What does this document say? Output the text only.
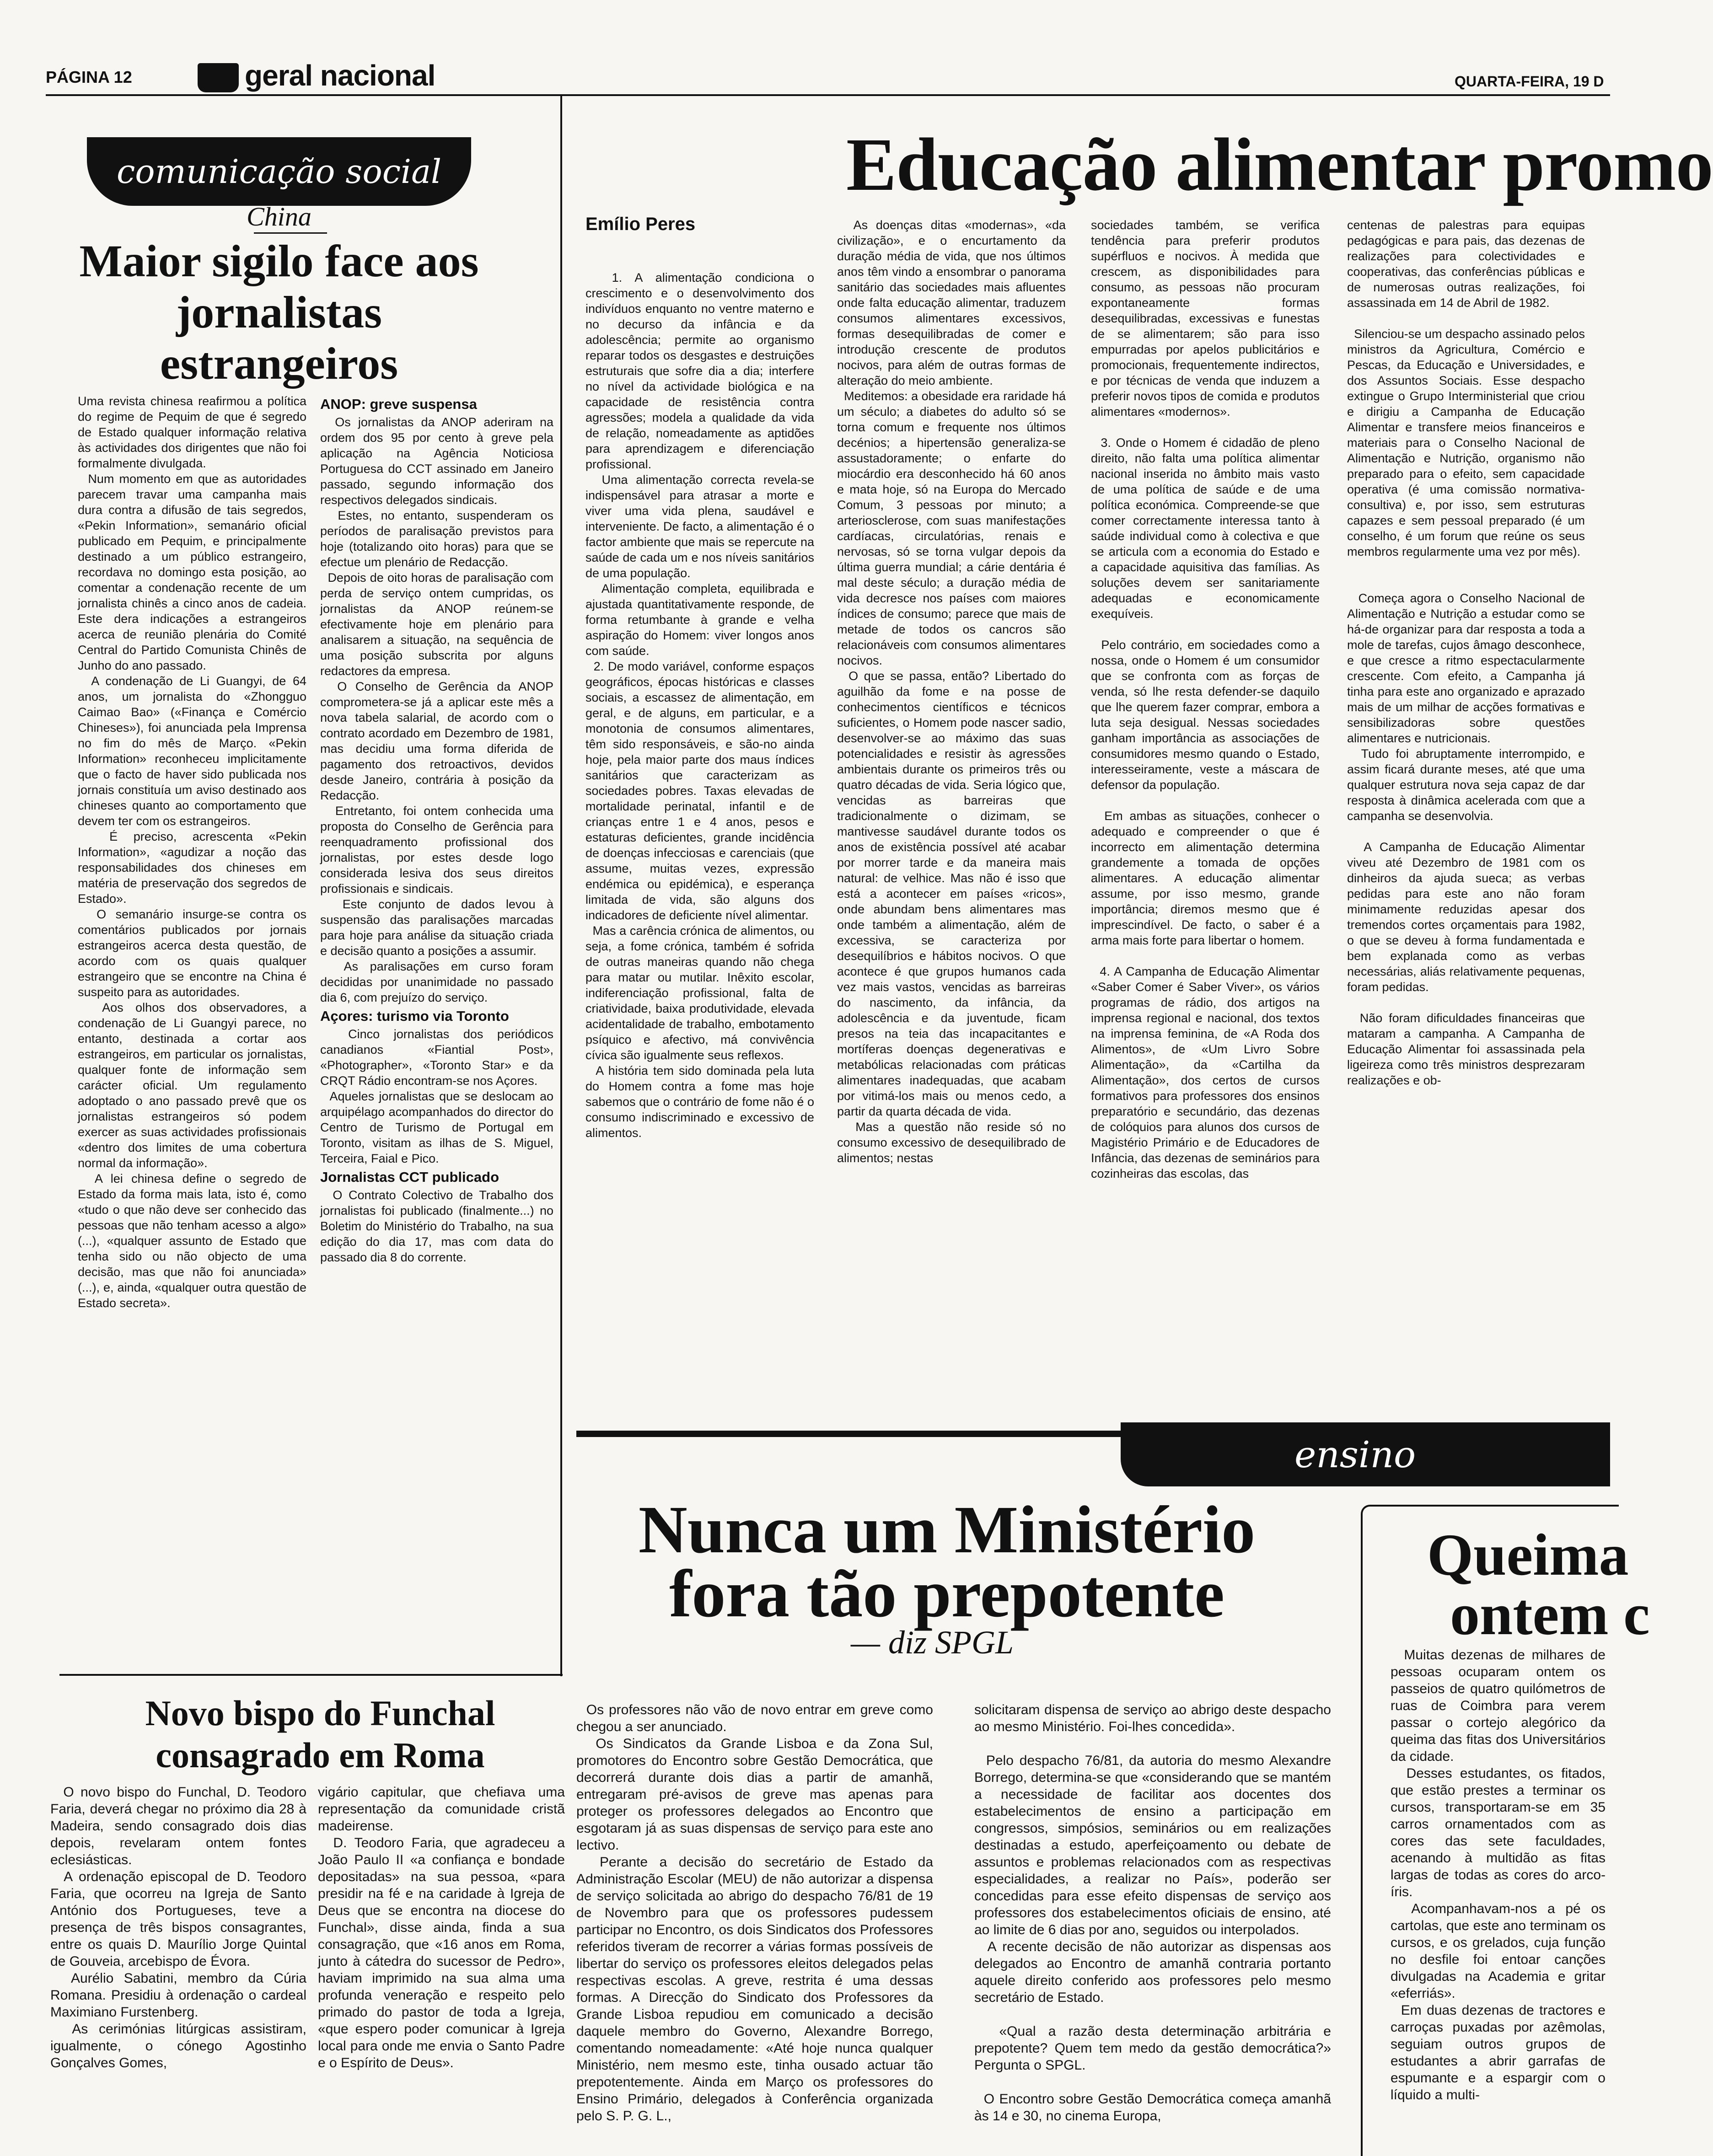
PÁGINA 12	geral nacional	QUARTA-FEIRA, 19 D
comunicação social
China
Maior sigilo face aos jornalistas estrangeiros

Uma revista chinesa reafirmou a política do regime de Pequim de que é segredo de Estado qualquer informação relativa às actividades dos dirigentes que não foi formalmente divulgada.
Num momento em que as autoridades parecem travar uma campanha mais dura contra a difusão de tais segredos, «Pekin Information», semanário oficial publicado em Pequim, e principalmente destinado a um público estrangeiro, recordava no domingo esta posição, ao comentar a condenação recente de um jornalista chinês a cinco anos de cadeia. Este dera indicações a estrangeiros acerca de reunião plenária do Comité Central do Partido Comunista Chinês de Junho do ano passado.
A condenação de Li Guangyi, de 64 anos, um jornalista do «Zhongguo Caimao Bao» («Finança e Comércio Chineses»), foi anunciada pela Imprensa no fim do mês de Março. «Pekin Information» reconheceu implicitamente que o facto de haver sido publicada nos jornais constituía um aviso destinado aos chineses quanto ao comportamento que devem ter com os estrangeiros.
É preciso, acrescenta «Pekin Information», «agudizar a noção das responsabilidades dos chineses em matéria de preservação dos segredos de Estado».
O semanário insurge-se contra os comentários publicados por jornais estrangeiros acerca desta questão, de acordo com os quais qualquer estrangeiro que se encontre na China é suspeito para as autoridades.
Aos olhos dos observadores, a condenação de Li Guangyi parece, no entanto, destinada a cortar aos estrangeiros, em particular os jornalistas, qualquer fonte de informação sem carácter oficial. Um regulamento adoptado o ano passado prevê que os jornalistas estrangeiros só podem exercer as suas actividades profissionais «dentro dos limites de uma cobertura normal da informação».
A lei chinesa define o segredo de Estado da forma mais lata, isto é, como «tudo o que não deve ser conhecido das pessoas que não tenham acesso a algo» (...), «qualquer assunto de Estado que tenha sido ou não objecto de uma decisão, mas que não foi anunciada» (...), e, ainda, «qualquer outra questão de Estado secreta».

ANOP: greve suspensa

Os jornalistas da ANOP aderiram na ordem dos 95 por cento à greve pela aplicação na Agência Noticiosa Portuguesa do CCT assinado em Janeiro passado, segundo informação dos respectivos delegados sindicais.
Estes, no entanto, suspenderam os períodos de paralisação previstos para hoje (totalizando oito horas) para que se efectue um plenário de Redacção.
Depois de oito horas de paralisação com perda de serviço ontem cumpridas, os jornalistas da ANOP reúnem-se efectivamente hoje em plenário para analisarem a situação, na sequência de uma posição subscrita por alguns redactores da empresa.
O Conselho de Gerência da ANOP comprometera-se já a aplicar este mês a nova tabela salarial, de acordo com o contrato acordado em Dezembro de 1981, mas decidiu uma forma diferida de pagamento dos retroactivos, devidos desde Janeiro, contrária à posição da Redacção.
Entretanto, foi ontem conhecida uma proposta do Conselho de Gerência para reenquadramento profissional dos jornalistas, por estes desde logo considerada lesiva dos seus direitos profissionais e sindicais.
Este conjunto de dados levou à suspensão das paralisações marcadas para hoje para análise da situação criada e decisão quanto a posições a assumir.
As paralisações em curso foram decididas por unanimidade no passado dia 6, com prejuízo do serviço.

Açores: turismo via Toronto

Cinco jornalistas dos periódicos canadianos «Fiantial Post», «Photographer», «Toronto Star» e da CRQT Rádio encontram-se nos Açores.
Aqueles jornalistas que se deslocam ao arquipélago acompanhados do director do Centro de Turismo de Portugal em Toronto, visitam as ilhas de S. Miguel, Terceira, Faial e Pico.

Jornalistas CCT publicado

O Contrato Colectivo de Trabalho dos jornalistas foi publicado (finalmente...) no Boletim do Ministério do Trabalho, na sua edição do dia 17, mas com data do passado dia 8 do corrente.

Novo bispo do Funchal consagrado em Roma

O novo bispo do Funchal, D. Teodoro Faria, deverá chegar no próximo dia 28 à Madeira, sendo consagrado dois dias depois, revelaram ontem fontes eclesiásticas.
A ordenação episcopal de D. Teodoro Faria, que ocorreu na Igreja de Santo António dos Portugueses, teve a presença de três bispos consagrantes, entre os quais D. Maurílio Jorge Quintal de Gouveia, arcebispo de Évora.
Aurélio Sabatini, membro da Cúria Romana. Presidiu à ordenação o cardeal Maximiano Furstenberg.
As cerimónias litúrgicas assistiram, igualmente, o cónego Agostinho Gonçalves Gomes,

vigário capitular, que chefiava uma representação da comunidade cristã madeirense.
D. Teodoro Faria, que agradeceu a João Paulo II «a confiança e bondade depositadas» na sua pessoa, «para presidir na fé e na caridade à Igreja de Deus que se encontra na diocese do Funchal», disse ainda, finda a sua consagração, que «16 anos em Roma, junto à cátedra do sucessor de Pedro», haviam imprimido na sua alma uma profunda veneração e respeito pelo primado do pastor de toda a Igreja, «que espero poder comunicar à Igreja local para onde me envia o Santo Padre e o Espírito de Deus».

Educação alimentar promo
Emílio Peres

1. A alimentação condiciona o crescimento e o desenvolvimento dos indivíduos enquanto no ventre materno e no decurso da infância e da adolescência; permite ao organismo reparar todos os desgastes e destruições estruturais que sofre dia a dia; interfere no nível da actividade biológica e na capacidade de resistência contra agressões; modela a qualidade da vida de relação, nomeadamente as aptidões para aprendizagem e diferenciação profissional.
Uma alimentação correcta revela-se indispensável para atrasar a morte e viver uma vida plena, saudável e interveniente. De facto, a alimentação é o factor ambiente que mais se repercute na saúde de cada um e nos níveis sanitários de uma população.
Alimentação completa, equilibrada e ajustada quantitativamente responde, de forma retumbante à grande e velha aspiração do Homem: viver longos anos com saúde.
2. De modo variável, conforme espaços geográficos, épocas históricas e classes sociais, a escassez de alimentação, em geral, e de alguns, em particular, e a monotonia de consumos alimentares, têm sido responsáveis, e são-no ainda hoje, pela maior parte dos maus índices sanitários que caracterizam as sociedades pobres. Taxas elevadas de mortalidade perinatal, infantil e de crianças entre 1 e 4 anos, pesos e estaturas deficientes, grande incidência de doenças infecciosas e carenciais (que assume, muitas vezes, expressão endémica ou epidémica), e esperança limitada de vida, são alguns dos indicadores de deficiente nível alimentar.
Mas a carência crónica de alimentos, ou seja, a fome crónica, também é sofrida de outras maneiras quando não chega para matar ou mutilar. Inêxito escolar, indiferenciação profissional, falta de criatividade, baixa produtividade, elevada acidentalidade de trabalho, embotamento psíquico e afectivo, má convivência cívica são igualmente seus reflexos.
A história tem sido dominada pela luta do Homem contra a fome mas hoje sabemos que o contrário de fome não é o consumo indiscriminado e excessivo de alimentos.

As doenças ditas «modernas», «da civilização», e o encurtamento da duração média de vida, que nos últimos anos têm vindo a ensombrar o panorama sanitário das sociedades mais afluentes onde falta educação alimentar, traduzem consumos alimentares excessivos, formas desequilibradas de comer e introdução crescente de produtos nocivos, para além de outras formas de alteração do meio ambiente.
Meditemos: a obesidade era raridade há um século; a diabetes do adulto só se torna comum e frequente nos últimos decénios; a hipertensão generaliza-se assustadoramente; o enfarte do miocárdio era desconhecido há 60 anos e mata hoje, só na Europa do Mercado Comum, 3 pessoas por minuto; a arteriosclerose, com suas manifestações cardíacas, circulatórias, renais e nervosas, só se torna vulgar depois da última guerra mundial; a cárie dentária é mal deste século; a duração média de vida decresce nos países com maiores índices de consumo; parece que mais de metade de todos os cancros são relacionáveis com consumos alimentares nocivos.
O que se passa, então? Libertado do aguilhão da fome e na posse de conhecimentos científicos e técnicos suficientes, o Homem pode nascer sadio, desenvolver-se ao máximo das suas potencialidades e resistir às agressões ambientais durante os primeiros três ou quatro décadas de vida. Seria lógico que, vencidas as barreiras que tradicionalmente o dizimam, se mantivesse saudável durante todos os anos de existência possível até acabar por morrer tarde e da maneira mais natural: de velhice. Mas não é isso que está a acontecer em países «ricos», onde abundam bens alimentares mas onde também a alimentação, além de excessiva, se caracteriza por desequilíbrios e hábitos nocivos. O que acontece é que grupos humanos cada vez mais vastos, vencidas as barreiras do nascimento, da infância, da adolescência e da juventude, ficam presos na teia das incapacitantes e mortíferas doenças degenerativas e metabólicas relacionadas com práticas alimentares inadequadas, que acabam por vitimá-los mais ou menos cedo, a partir da quarta década de vida.
Mas a questão não reside só no consumo excessivo de desequilibrado de alimentos; nestas

sociedades também, se verifica tendência para preferir produtos supérfluos e nocivos. À medida que crescem, as disponibilidades para consumo, as pessoas não procuram expontaneamente formas desequilibradas, excessivas e funestas de se alimentarem; são para isso empurradas por apelos publicitários e promocionais, frequentemente indirectos, e por técnicas de venda que induzem a preferir novos tipos de comida e produtos alimentares «modernos».

3. Onde o Homem é cidadão de pleno direito, não falta uma política alimentar nacional inserida no âmbito mais vasto de uma política de saúde e de uma política económica. Compreende-se que comer correctamente interessa tanto à saúde individual como à colectiva e que se articula com a economia do Estado e a capacidade aquisitiva das famílias. As soluções devem ser sanitariamente adequadas e economicamente exequíveis.

Pelo contrário, em sociedades como a nossa, onde o Homem é um consumidor que se confronta com as forças de venda, só lhe resta defender-se daquilo que lhe querem fazer comprar, embora a luta seja desigual. Nessas sociedades ganham importância as associações de consumidores mesmo quando o Estado, interesseiramente, veste a máscara de defensor da população.

Em ambas as situações, conhecer o adequado e compreender o que é incorrecto em alimentação determina grandemente a tomada de opções alimentares. A educação alimentar assume, por isso mesmo, grande importância; diremos mesmo que é imprescindível. De facto, o saber é a arma mais forte para libertar o homem.

4. A Campanha de Educação Alimentar «Saber Comer é Saber Viver», os vários programas de rádio, dos artigos na imprensa regional e nacional, dos textos na imprensa feminina, de «A Roda dos Alimentos», de «Um Livro Sobre Alimentação», da «Cartilha da Alimentação», dos certos de cursos formativos para professores dos ensinos preparatório e secundário, das dezenas de colóquios para alunos dos cursos de Magistério Primário e de Educadores de Infância, das dezenas de seminários para cozinheiras das escolas, das

centenas de palestras para equipas pedagógicas e para pais, das dezenas de realizações para colectividades e cooperativas, das conferências públicas e de numerosas outras realizações, foi assassinada em 14 de Abril de 1982.

Silenciou-se um despacho assinado pelos ministros da Agricultura, Comércio e Pescas, da Educação e Universidades, e dos Assuntos Sociais. Esse despacho extingue o Grupo Interministerial que criou e dirigiu a Campanha de Educação Alimentar e transfere meios financeiros e materiais para o Conselho Nacional de Alimentação e Nutrição, organismo não preparado para o efeito, sem capacidade operativa (é uma comissão normativa-consultiva) e, por isso, sem estruturas capazes e sem pessoal preparado (é um conselho, é um forum que reúne os seus membros regularmente uma vez por mês).

Começa agora o Conselho Nacional de Alimentação e Nutrição a estudar como se há-de organizar para dar resposta a toda a mole de tarefas, cujos âmago desconhece, e que cresce a ritmo espectacularmente crescente. Com efeito, a Campanha já tinha para este ano organizado e aprazado mais de um milhar de acções formativas e sensibilizadoras sobre questões alimentares e nutricionais.
Tudo foi abruptamente interrompido, e assim ficará durante meses, até que uma qualquer estrutura nova seja capaz de dar resposta à dinâmica acelerada com que a campanha se desenvolvia.

A Campanha de Educação Alimentar viveu até Dezembro de 1981 com os dinheiros da ajuda sueca; as verbas pedidas para este ano não foram minimamente reduzidas apesar dos tremendos cortes orçamentais para 1982, o que se deveu à forma fundamentada e bem explanada como as verbas necessárias, aliás relativamente pequenas, foram pedidas.

Não foram dificuldades financeiras que mataram a campanha. A Campanha de Educação Alimentar foi assassinada pela ligeireza como três ministros desprezaram realizações e ob-

ensino
Nunca um Ministério
fora tão prepotente
— diz SPGL

Os professores não vão de novo entrar em greve como chegou a ser anunciado.
Os Sindicatos da Grande Lisboa e da Zona Sul, promotores do Encontro sobre Gestão Democrática, que decorrerá durante dois dias a partir de amanhã, entregaram pré-avisos de greve mas apenas para proteger os professores delegados ao Encontro que esgotaram já as suas dispensas de serviço para este ano lectivo.
Perante a decisão do secretário de Estado da Administração Escolar (MEU) de não autorizar a dispensa de serviço solicitada ao abrigo do despacho 76/81 de 19 de Novembro para que os professores pudessem participar no Encontro, os dois Sindicatos dos Professores referidos tiveram de recorrer a várias formas possíveis de libertar do serviço os professores eleitos delegados pelas respectivas escolas. A greve, restrita é uma dessas formas. A Direcção do Sindicato dos Professores da Grande Lisboa repudiou em comunicado a decisão daquele membro do Governo, Alexandre Borrego, comentando nomeadamente: «Até hoje nunca qualquer Ministério, nem mesmo este, tinha ousado actuar tão prepotentemente. Ainda em Março os professores do Ensino Primário, delegados à Conferência organizada pelo S. P. G. L.,

solicitaram dispensa de serviço ao abrigo deste despacho ao mesmo Ministério. Foi-lhes concedida».

Pelo despacho 76/81, da autoria do mesmo Alexandre Borrego, determina-se que «considerando que se mantém a necessidade de facilitar aos docentes dos estabelecimentos de ensino a participação em congressos, simpósios, seminários ou em realizações destinadas a estudo, aperfeiçoamento ou debate de assuntos e problemas relacionados com as respectivas especialidades, a realizar no País», poderão ser concedidas para esse efeito dispensas de serviço aos professores dos estabelecimentos oficiais de ensino, até ao limite de 6 dias por ano, seguidos ou interpolados.
A recente decisão de não autorizar as dispensas aos delegados ao Encontro de amanhã contraria portanto aquele direito conferido aos professores pelo mesmo secretário de Estado.

«Qual a razão desta determinação arbitrária e prepotente? Quem tem medo da gestão democrática?» Pergunta o SPGL.

O Encontro sobre Gestão Democrática começa amanhã às 14 e 30, no cinema Europa,

Queima
ontem c

Muitas dezenas de milhares de pessoas ocuparam ontem os passeios de quatro quilómetros de ruas de Coimbra para verem passar o cortejo alegórico da queima das fitas dos Universitários da cidade.
Desses estudantes, os fitados, que estão prestes a terminar os cursos, transportaram-se em 35 carros ornamentados com as cores das sete faculdades, acenando à multidão as fitas largas de todas as cores do arco-íris.
Acompanhavam-nos a pé os cartolas, que este ano terminam os cursos, e os grelados, cuja função no desfile foi entoar canções divulgadas na Academia e gritar «eferriás».
Em duas dezenas de tractores e carroças puxadas por azêmolas, seguiam outros grupos de estudantes a abrir garrafas de espumante e a espargir com o líquido a multi-
